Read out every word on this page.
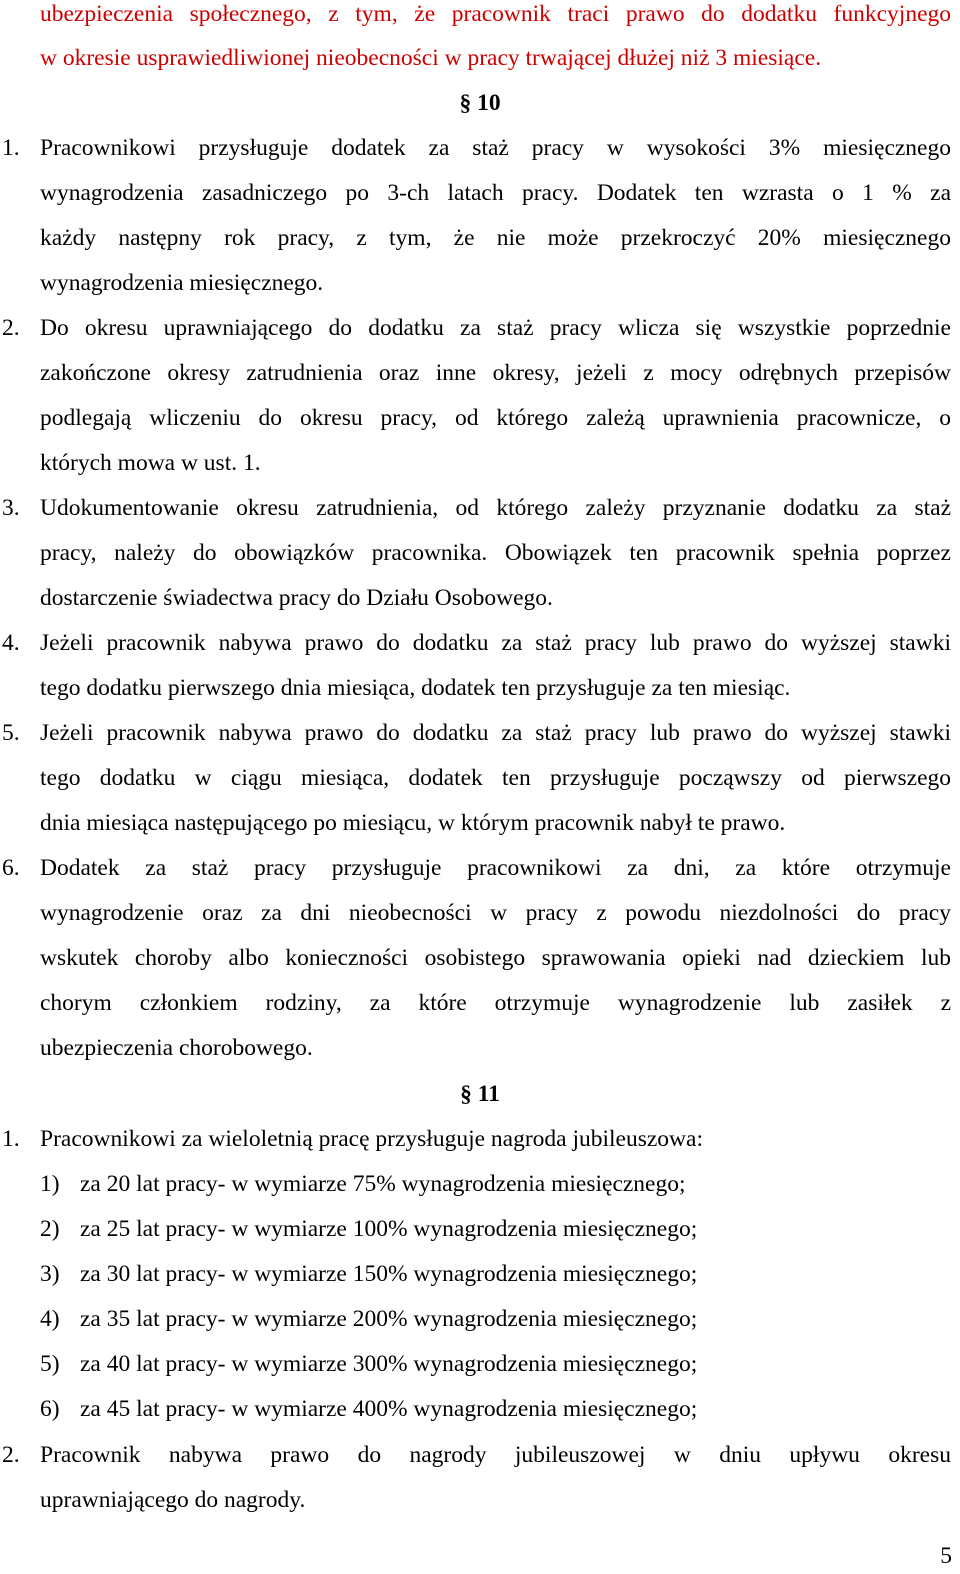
ubezpieczenia społecznego, z tym, że pracownik traci prawo do dodatku funkcyjnego
w okresie usprawiedliwionej nieobecności w pracy trwającej dłużej niż 3 miesiące.
§ 10
1. Pracownikowi przysługuje dodatek za staż pracy w wysokości 3% miesięcznego
wynagrodzenia zasadniczego po 3-ch latach pracy. Dodatek ten wzrasta o 1 % za
każdy następny rok pracy, z tym, że nie może przekroczyć 20% miesięcznego
wynagrodzenia miesięcznego.
2. Do okresu uprawniającego do dodatku za staż pracy wlicza się wszystkie poprzednie
zakończone okresy zatrudnienia oraz inne okresy, jeżeli z mocy odrębnych przepisów
podlegają wliczeniu do okresu pracy, od którego zależą uprawnienia pracownicze, o
których mowa w ust. 1.
3. Udokumentowanie okresu zatrudnienia, od którego zależy przyznanie dodatku za staż
pracy, należy do obowiązków pracownika. Obowiązek ten pracownik spełnia poprzez
dostarczenie świadectwa pracy do Działu Osobowego.
4. Jeżeli pracownik nabywa prawo do dodatku za staż pracy lub prawo do wyższej stawki
tego dodatku pierwszego dnia miesiąca, dodatek ten przysługuje za ten miesiąc.
5. Jeżeli pracownik nabywa prawo do dodatku za staż pracy lub prawo do wyższej stawki
tego dodatku w ciągu miesiąca, dodatek ten przysługuje począwszy od pierwszego
dnia miesiąca następującego po miesiącu, w którym pracownik nabył te prawo.
6. Dodatek za staż pracy przysługuje pracownikowi za dni, za które otrzymuje
wynagrodzenie oraz za dni nieobecności w pracy z powodu niezdolności do pracy
wskutek choroby albo konieczności osobistego sprawowania opieki nad dzieckiem lub
chorym członkiem rodziny, za które otrzymuje wynagrodzenie lub zasiłek z
ubezpieczenia chorobowego.
§ 11
1. Pracownikowi za wieloletnią pracę przysługuje nagroda jubileuszowa:
1) za 20 lat pracy- w wymiarze 75% wynagrodzenia miesięcznego;
2) za 25 lat pracy- w wymiarze 100% wynagrodzenia miesięcznego;
3) za 30 lat pracy- w wymiarze 150% wynagrodzenia miesięcznego;
4) za 35 lat pracy- w wymiarze 200% wynagrodzenia miesięcznego;
5) za 40 lat pracy- w wymiarze 300% wynagrodzenia miesięcznego;
6) za 45 lat pracy- w wymiarze 400% wynagrodzenia miesięcznego;
2. Pracownik nabywa prawo do nagrody jubileuszowej w dniu upływu okresu
uprawniającego do nagrody.
5
